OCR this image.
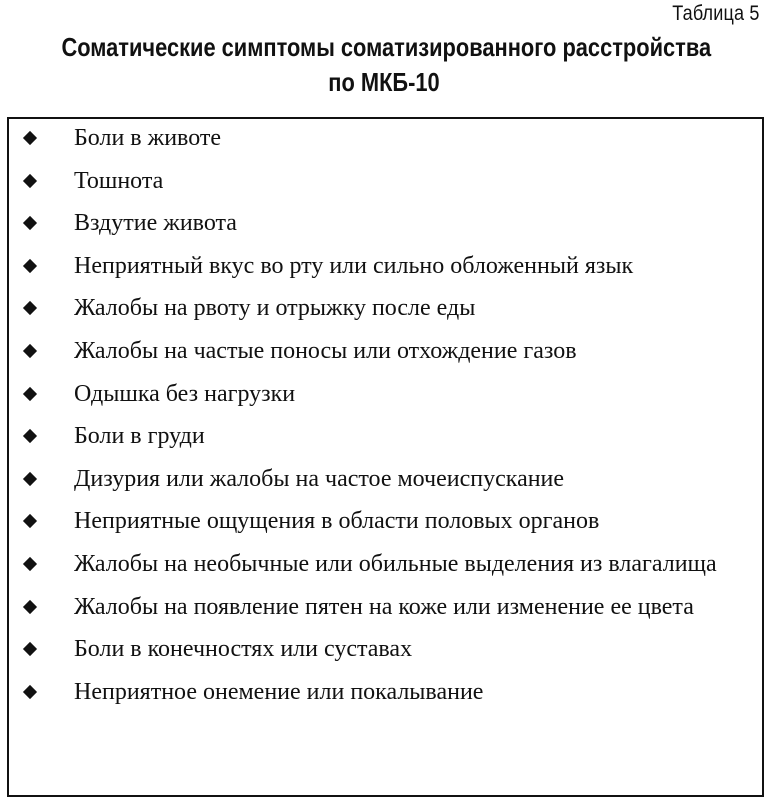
Таблица 5
Соматические симптомы соматизированного расстройства
по МКБ-10
Боли в животе
Тошнота
Вздутие живота
Неприятный вкус во рту или сильно обложенный язык
Жалобы на рвоту и отрыжку после еды
Жалобы на частые поносы или отхождение газов
Одышка без нагрузки
Боли в груди
Дизурия или жалобы на частое мочеиспускание
Неприятные ощущения в области половых органов
Жалобы на необычные или обильные выделения из влагалища
Жалобы на появление пятен на коже или изменение ее цвета
Боли в конечностях или суставах
Неприятное онемение или покалывание
